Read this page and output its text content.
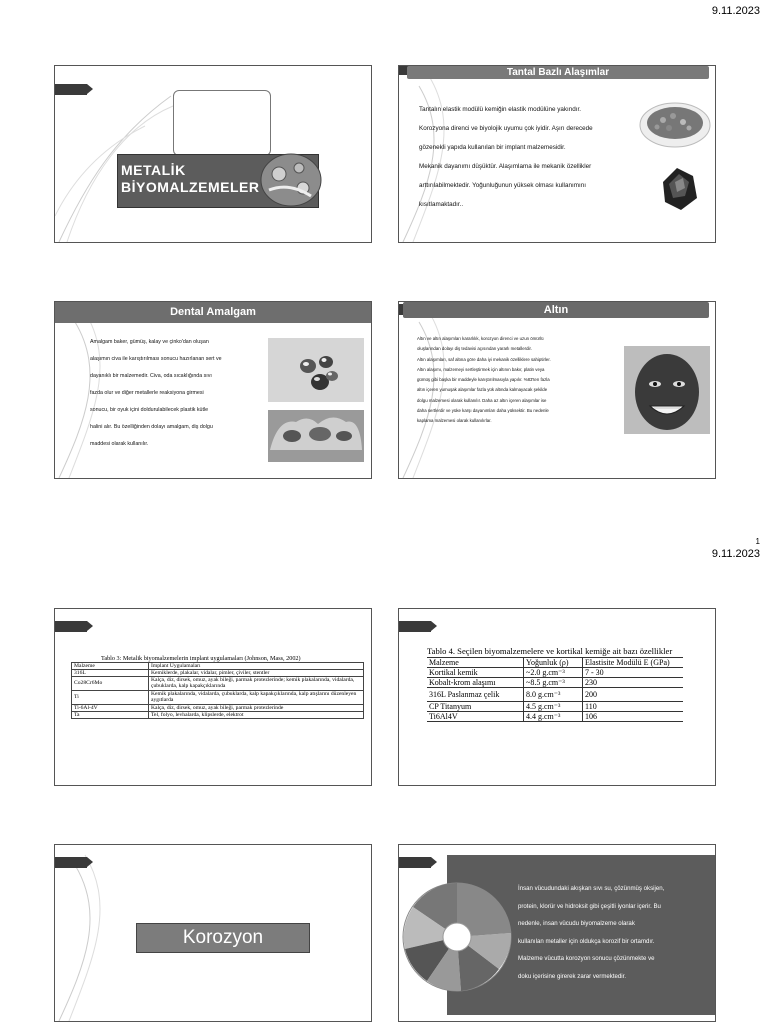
9.11.2023
METALİK
BİYOMALZEMELER
Tantal Bazlı Alaşımlar
Tantalın elastik modülü kemiğin elastik modülüne yakındır.
Korozyona direnci ve biyolojik uyumu çok iyidir. Aşırı derecede
gözenekli yapıda kullanılan bir implant malzemesidir.
Mekanik dayanımı düşüktür. Alaşımlama ile mekanik özellikler
arttırılabilmektedir. Yoğunluğunun yüksek olması kullanımını
kısıtlamaktadır..
Dental Amalgam
Amalgam baker, gümüş, kalay ve çinko'dan oluşan
alaşımın civa ile karıştırılması sonucu hazırlanan sert ve
dayanıklı bir malzemedir. Civa, oda sıcaklığında sıvı
fazda olur ve diğer metallerle reaksiyona girmesi
sonucu, bir oyuk içini doldurulabilecek plastik kütle
halini alır. Bu özelliğinden dolayı amalgam, diş dolgu
maddesi olarak kullanılır.
Altın
Altın ve altın alaşımları kararlılık, korozyon direnci ve uzun ömürlü
oluşlarından dolayı diş tedavisi açısından yararlı metallerdir.
Altın alaşımları, saf altına göre daha iyi mekanik özelliklere sahiptirler.
Altın alaşımı, malzemeyi sertleştirmek için altının bakır, platin veya
gümüş gibi başka bir maddeyle karıştırılmasıyla yapılır. %83'ten fazla
altın içeren yumuşak alaşımlar fazla yük altında kalmayacak şekilde
dolgu malzemesi olarak kullanılır. Daha az altın içeren alaşımlar ise
daha sertlerdir ve yüke karşı dayanımları daha yüksektir. Bu nedenle
kaplama malzemesi olarak kullanılırlar.
1
9.11.2023
Tablo 3: Metalik biyomalzemelerin implant uygulamaları (Johnson, Mass, 2002)
Malzeme	İmplant Uygulamaları
316L	Kemiklerde, plakalar, vidalar, pimler, çiviler, stentler
Co28Cr6Mo	Kalça, diz, dirsek, omuz, ayak bileği, parmak protezlerinde; kemik plakalarında, vidalarda, çubuklarda, kalp kapakçıklarında
Ti	Kemik plakalarında, vidalarda, çubuklarda, kalp kapakçıklarında, kalp atışlarını düzenleyen aygıtlarda
Ti-6Al-4V	Kalça, diz, dirsek, omuz, ayak bileği, parmak protezlerinde
Ta	Tel, folyo, levhalarda, klipslerde, elektrot
Tablo 4. Seçilen biyomalzemelere ve kortikal kemiğe ait bazı özellikler
Malzeme	Yoğunluk (ρ)	Elastisite Modülü E (GPa)
Kortikal kemik	~2.0 g.cm⁻³	7 - 30
Kobalt-krom alaşımı	~8.5 g.cm⁻³	230
316L Paslanmaz çelik	8.0 g.cm⁻³	200
CP Titanyum	4.5 g.cm⁻³	110
Ti6Al4V	4.4 g.cm⁻³	106
Korozyon
İnsan vücudundaki akışkan sıvı su, çözünmüş oksijen,
protein, klorür ve hidroksit gibi çeşitli iyonlar içerir. Bu
nedenle, insan vücudu biyomalzeme olarak
kullanılan metaller için oldukça korozif bir ortamdır.
Malzeme vücutta korozyon sonucu çözünmekte ve
doku içerisine girerek zarar vermektedir.
